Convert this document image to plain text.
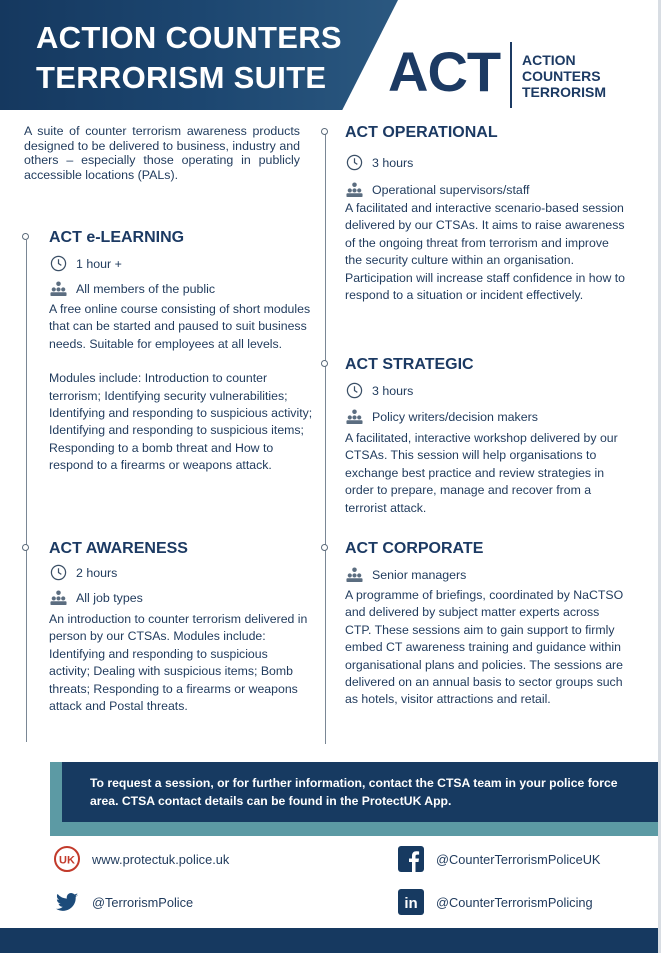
ACTION COUNTERS
TERRORISM SUITE	ACT ACTION
COUNTERS
TERRORISM
A suite of counter terrorism awareness products designed to be delivered to business, industry and others – especially those operating in publicly accessible locations (PALs).
ACT e-LEARNING
1 hour +
All members of the public

A free online course consisting of short modules that can be started and paused to suit business needs. Suitable for employees at all levels.

Modules include: Introduction to counter terrorism; Identifying security vulnerabilities; Identifying and responding to suspicious activity; Identifying and responding to suspicious items; Responding to a bomb threat and How to respond to a firearms or weapons attack.

ACT AWARENESS
2 hours
All job types
An introduction to counter terrorism delivered in person by our CTSAs. Modules include: Identifying and responding to suspicious activity; Dealing with suspicious items; Bomb threats; Responding to a firearms or weapons attack and Postal threats.
ACT OPERATIONAL
3 hours
Operational supervisors/staff
A facilitated and interactive scenario-based session delivered by our CTSAs. It aims to raise awareness of the ongoing threat from terrorism and improve the security culture within an organisation. Participation will increase staff confidence in how to respond to a situation or incident effectively.
ACT STRATEGIC
3 hours
Policy writers/decision makers
A facilitated, interactive workshop delivered by our CTSAs. This session will help organisations to exchange best practice and review strategies in order to prepare, manage and recover from a terrorist attack.
ACT CORPORATE
Senior managers
A programme of briefings, coordinated by NaCTSO and delivered by subject matter experts across CTP. These sessions aim to gain support to firmly embed CT awareness training and guidance within organisational plans and policies. The sessions are delivered on an annual basis to sector groups such as hotels, visitor attractions and retail.
To request a session, or for further information, contact the CTSA team in your police force area. CTSA contact details can be found in the ProtectUK App.
UK www.protectuk.police.uk	@CounterTerrorismPoliceUK
@TerrorismPolice	in @CounterTerrorismPolicing
